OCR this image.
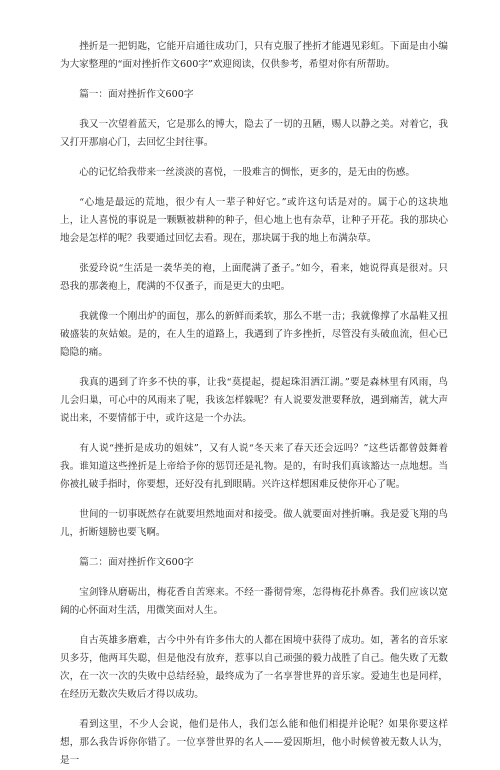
挫折是一把钥匙，它能开启通往成功门，只有克服了挫折才能遇见彩虹。下面是由小编为大家整理的“面对挫折作文600字”欢迎阅读，仅供参考，希望对你有所帮助。

篇一：面对挫折作文600字

我又一次望着蓝天，它是那么的博大，隐去了一切的丑陋，赐人以静之美。对着它，我又打开那扇心门，去回忆尘封往事。

心的记忆给我带来一丝淡淡的喜悦，一股难言的惆怅，更多的，是无由的伤感。

“心地是最远的荒地，很少有人一辈子种好它。”或许这句话是对的。属于心的这块地上，让人喜悦的事说是一颗颗被耕种的种子，但心地上也有杂草，让种子开花。我的那块心地会是怎样的呢？我要通过回忆去看。现在，那块属于我的地上布满杂草。

张爱玲说“生活是一袭华美的袍，上面爬满了蚤子。”如今，看来，她说得真是很对。只恐我的那袭袍上，爬满的不仅蚤子，而是更大的虫吧。

我就像一个刚出炉的面包，那么的新鲜而柔软，那么不堪一击；我就像撑了水晶鞋又扭破盛装的灰姑娘。是的，在人生的道路上，我遇到了许多挫折，尽管没有头破血流，但心已隐隐的痛。

我真的遇到了许多不快的事，让我“莫提起，提起珠泪洒江湖。”要是森林里有风雨，鸟儿会归巢，可心中的风雨来了呢，我该怎样躲呢？有人说要发泄要释放，遇到痛苦，就大声说出来，不要情郁于中，或许这是一个办法。

有人说“挫折是成功的姐妹”，又有人说“冬天来了春天还会远吗？”这些话都曾鼓舞着我。谁知道这些挫折是上帝给予你的惩罚还是礼物。是的，有时我们真该豁达一点地想。当你被扎破手指时，你要想，还好没有扎到眼睛。兴许这样想困难反使你开心了呢。

世间的一切事既然存在就要坦然地面对和接受。做人就要面对挫折嘛。我是爱飞翔的鸟儿，折断翅膀也要飞啊。

篇二：面对挫折作文600字

宝剑锋从磨砺出，梅花香自苦寒来。不经一番彻骨寒，怎得梅花扑鼻香。我们应该以宽阔的心怀面对生活，用微笑面对人生。

自古英雄多磨难，古今中外有许多伟大的人都在困境中获得了成功。如，著名的音乐家贝多芬，他两耳失聪，但是他没有放弃，惹事以自己顽强的毅力战胜了自己。他失败了无数次，在一次一次的失败中总结经验，最终成为了一名享誉世界的音乐家。爱迪生也是同样，在经历无数次失败后才得以成功。

看到这里，不少人会说，他们是伟人，我们怎么能和他们相提并论呢？如果你要这样想，那么我告诉你你错了。一位享誉世界的名人——爱因斯坦，他小时候曾被无数人认为，是一
